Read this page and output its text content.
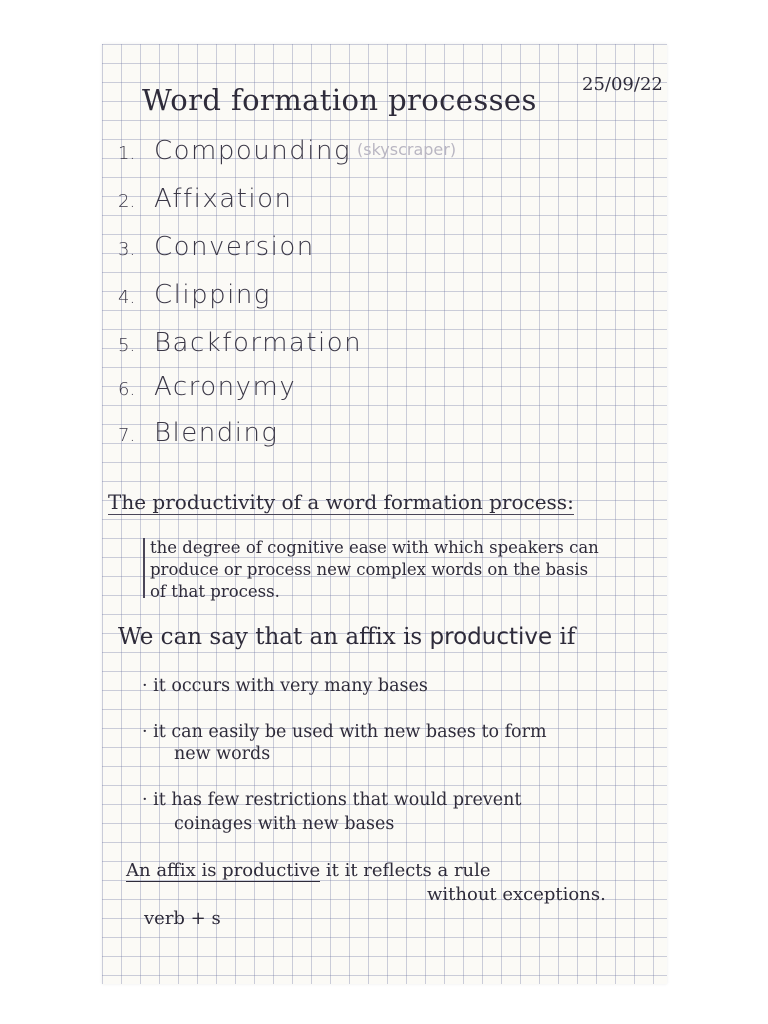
Word formation processes	25/09/22
1. Compounding (skyscraper)
2. Affixation
3. Conversion
4. Clipping
5. Backformation
6. Acronymy
7. Blending
The productivity of a word formation process:
the degree of cognitive ease with which speakers can
produce or process new complex words on the basis
of that process.
We can say that an affix is productive if
· it occurs with very many bases
· it can easily be used with new bases to form
new words
· it has few restrictions that would prevent
coinages with new bases
An affix is productive it it reflects a rule
without exceptions.
verb + s
